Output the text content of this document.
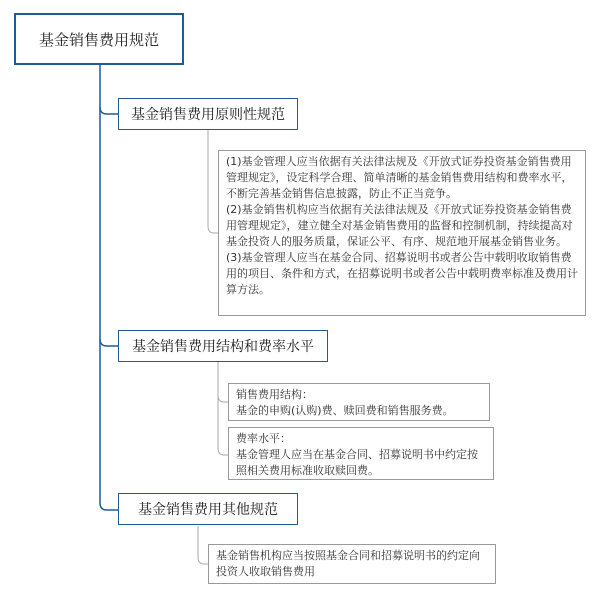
基金销售费用规范
基金销售费用原则性规范
(1)基金管理人应当依据有关法律法规及《开放式证券投资基金销售费用管理规定》，设定科学合理、简单清晰的基金销售费用结构和费率水平，不断完善基金销售信息披露，防止不正当竞争。
(2)基金销售机构应当依据有关法律法规及《开放式证券投资基金销售费用管理规定》，建立健全对基金销售费用的监督和控制机制，持续提高对基金投资人的服务质量，保证公平、有序、规范地开展基金销售业务。
(3)基金管理人应当在基金合同、招募说明书或者公告中载明收取销售费用的项目、条件和方式，在招募说明书或者公告中载明费率标准及费用计算方法。
基金销售费用结构和费率水平
销售费用结构：
基金的申购(认购)费、赎回费和销售服务费。
费率水平：
基金管理人应当在基金合同、招募说明书中约定按照相关费用标准收取赎回费。
基金销售费用其他规范
基金销售机构应当按照基金合同和招募说明书的约定向投资人收取销售费用
